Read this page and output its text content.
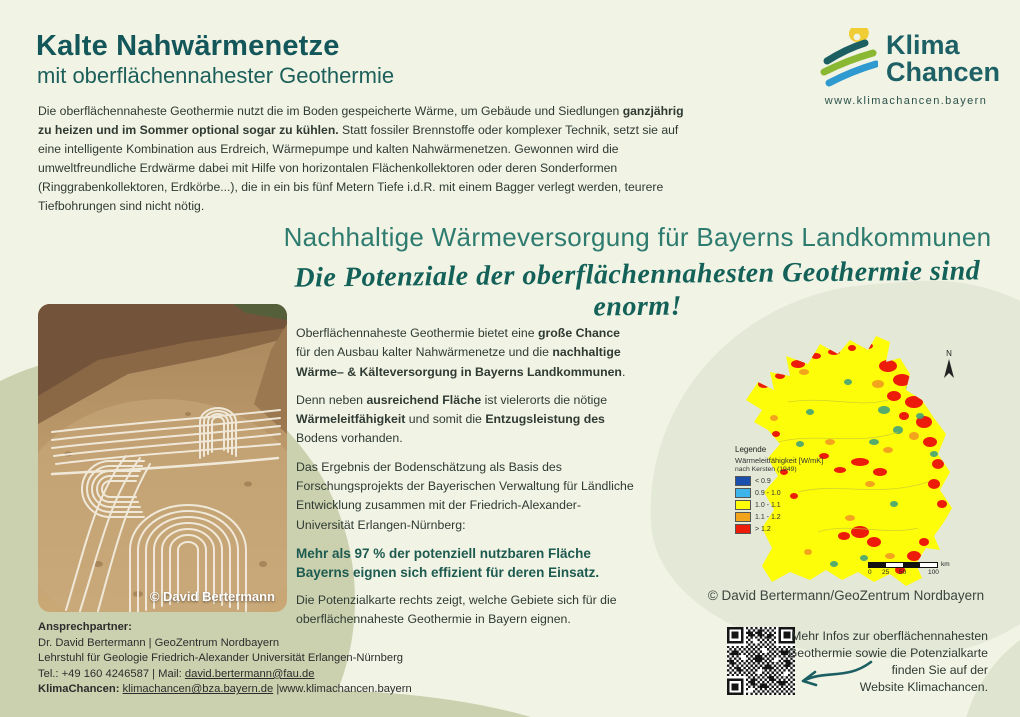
Kalte Nahwärmenetze
mit oberflächennahester Geothermie
Klima
Chancen
www.klimachancen.bayern
Die oberflächennaheste Geothermie nutzt die im Boden gespeicherte Wärme, um Gebäude und Siedlungen ganzjährig zu heizen und im Sommer optional sogar zu kühlen. Statt fossiler Brennstoffe oder komplexer Technik, setzt sie auf eine intelligente Kombination aus Erdreich, Wärmepumpe und kalten Nahwärmenetzen. Gewonnen wird die umweltfreundliche Erdwärme dabei mit Hilfe von horizontalen Flächenkollektoren oder deren Sonderformen (Ringgrabenkollektoren, Erdkörbe...), die in ein bis fünf Metern Tiefe i.d.R. mit einem Bagger verlegt werden, teurere Tiefbohrungen sind nicht nötig.
Nachhaltige Wärmeversorgung für Bayerns Landkommunen
Die Potenziale der oberflächennahesten Geothermie sind enorm!
© David Bertermann

Oberflächennaheste Geothermie bietet eine große Chance für den Ausbau kalter Nahwärmenetze und die nachhaltige Wärme– & Kälteversorgung in Bayerns Landkommunen.

Denn neben ausreichend Fläche ist vielerorts die nötige Wärmeleitfähigkeit und somit die Entzugsleistung des Bodens vorhanden.

Das Ergebnis der Bodenschätzung als Basis des Forschungsprojekts der Bayerischen Verwaltung für Ländliche Entwicklung zusammen mit der Friedrich-Alexander-Universität Erlangen-Nürnberg:

Mehr als 97 % der potenziell nutzbaren Fläche Bayerns eignen sich effizient für deren Einsatz.

Die Potenzialkarte rechts zeigt, welche Gebiete sich für die oberflächennaheste Geothermie in Bayern eignen.

Legende
Wärmeleitfähigkeit [W/mK]
nach Kersten (1949)
< 0.9
0.9 - 1.0
1.0 - 1.1
1.1 - 1.2
> 1.2
N
km
0 25 50	100
© David Bertermann/GeoZentrum Nordbayern
Ansprechpartner:
Dr. David Bertermann | GeoZentrum Nordbayern
Lehrstuhl für Geologie Friedrich-Alexander Universität Erlangen-Nürnberg
Tel.: +49 160 4246587 | Mail: david.bertermann@fau.de
KlimaChancen: klimachancen@bza.bayern.de |www.klimachancen.bayern
Mehr Infos zur oberflächennahesten
Geothermie sowie die Potenzialkarte
finden Sie auf der
Website Klimachancen.
